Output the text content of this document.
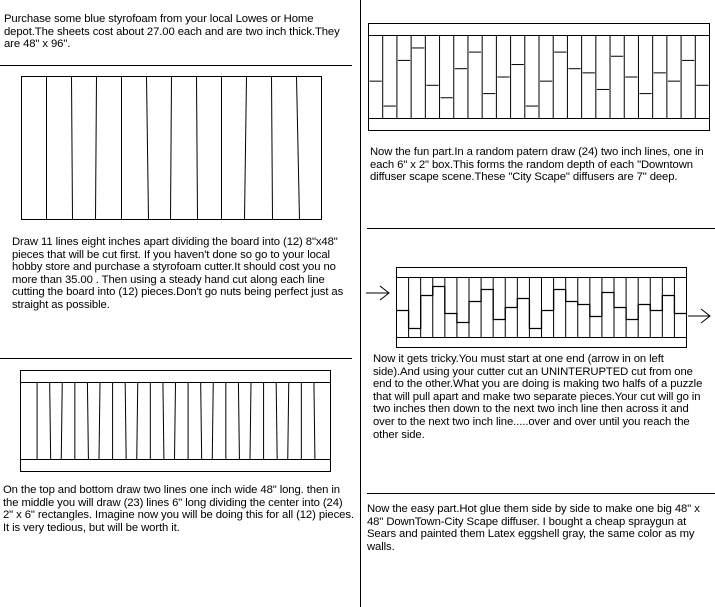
Purchase some blue styrofoam from your local Lowes or Home depot.The sheets cost about 27.00 each and are two inch thick.They are 48" x 96".
Draw 11 lines eight inches apart dividing the board into (12) 8"x48" pieces that will be cut first. If you haven't done so go to your local hobby store and purchase a styrofoam cutter.It should cost you no more than 35.00 . Then using a steady hand cut along each line cutting the board into (12) pieces.Don't go nuts being perfect just as straight as possible.
On the top and bottom draw two lines one inch wide 48" long. then in the middle you will draw (23) lines 6" long dividing the center into (24) 2" x 6" rectangles. Imagine now you will be doing this for all (12) pieces. It is very tedious, but will be worth it.
Now the fun part.In a random patern draw (24) two inch lines, one in each 6" x 2" box.This forms the random depth of each "Downtown diffuser scape scene.These "City Scape" diffusers are 7" deep.
Now it gets tricky.You must start at one end (arrow in on left side).And using your cutter cut an UNINTERUPTED cut from one end to the other.What you are doing is making two halfs of a puzzle that will pull apart and make two separate pieces.Your cut will go in two inches then down to the next two inch line then across it and over to the next two inch line.....over and over until you reach the other side.
Now the easy part.Hot glue them side by side to make one big 48" x 48" DownTown-City Scape diffuser. I bought a cheap spraygun at Sears and painted them Latex eggshell gray, the same color as my walls.
